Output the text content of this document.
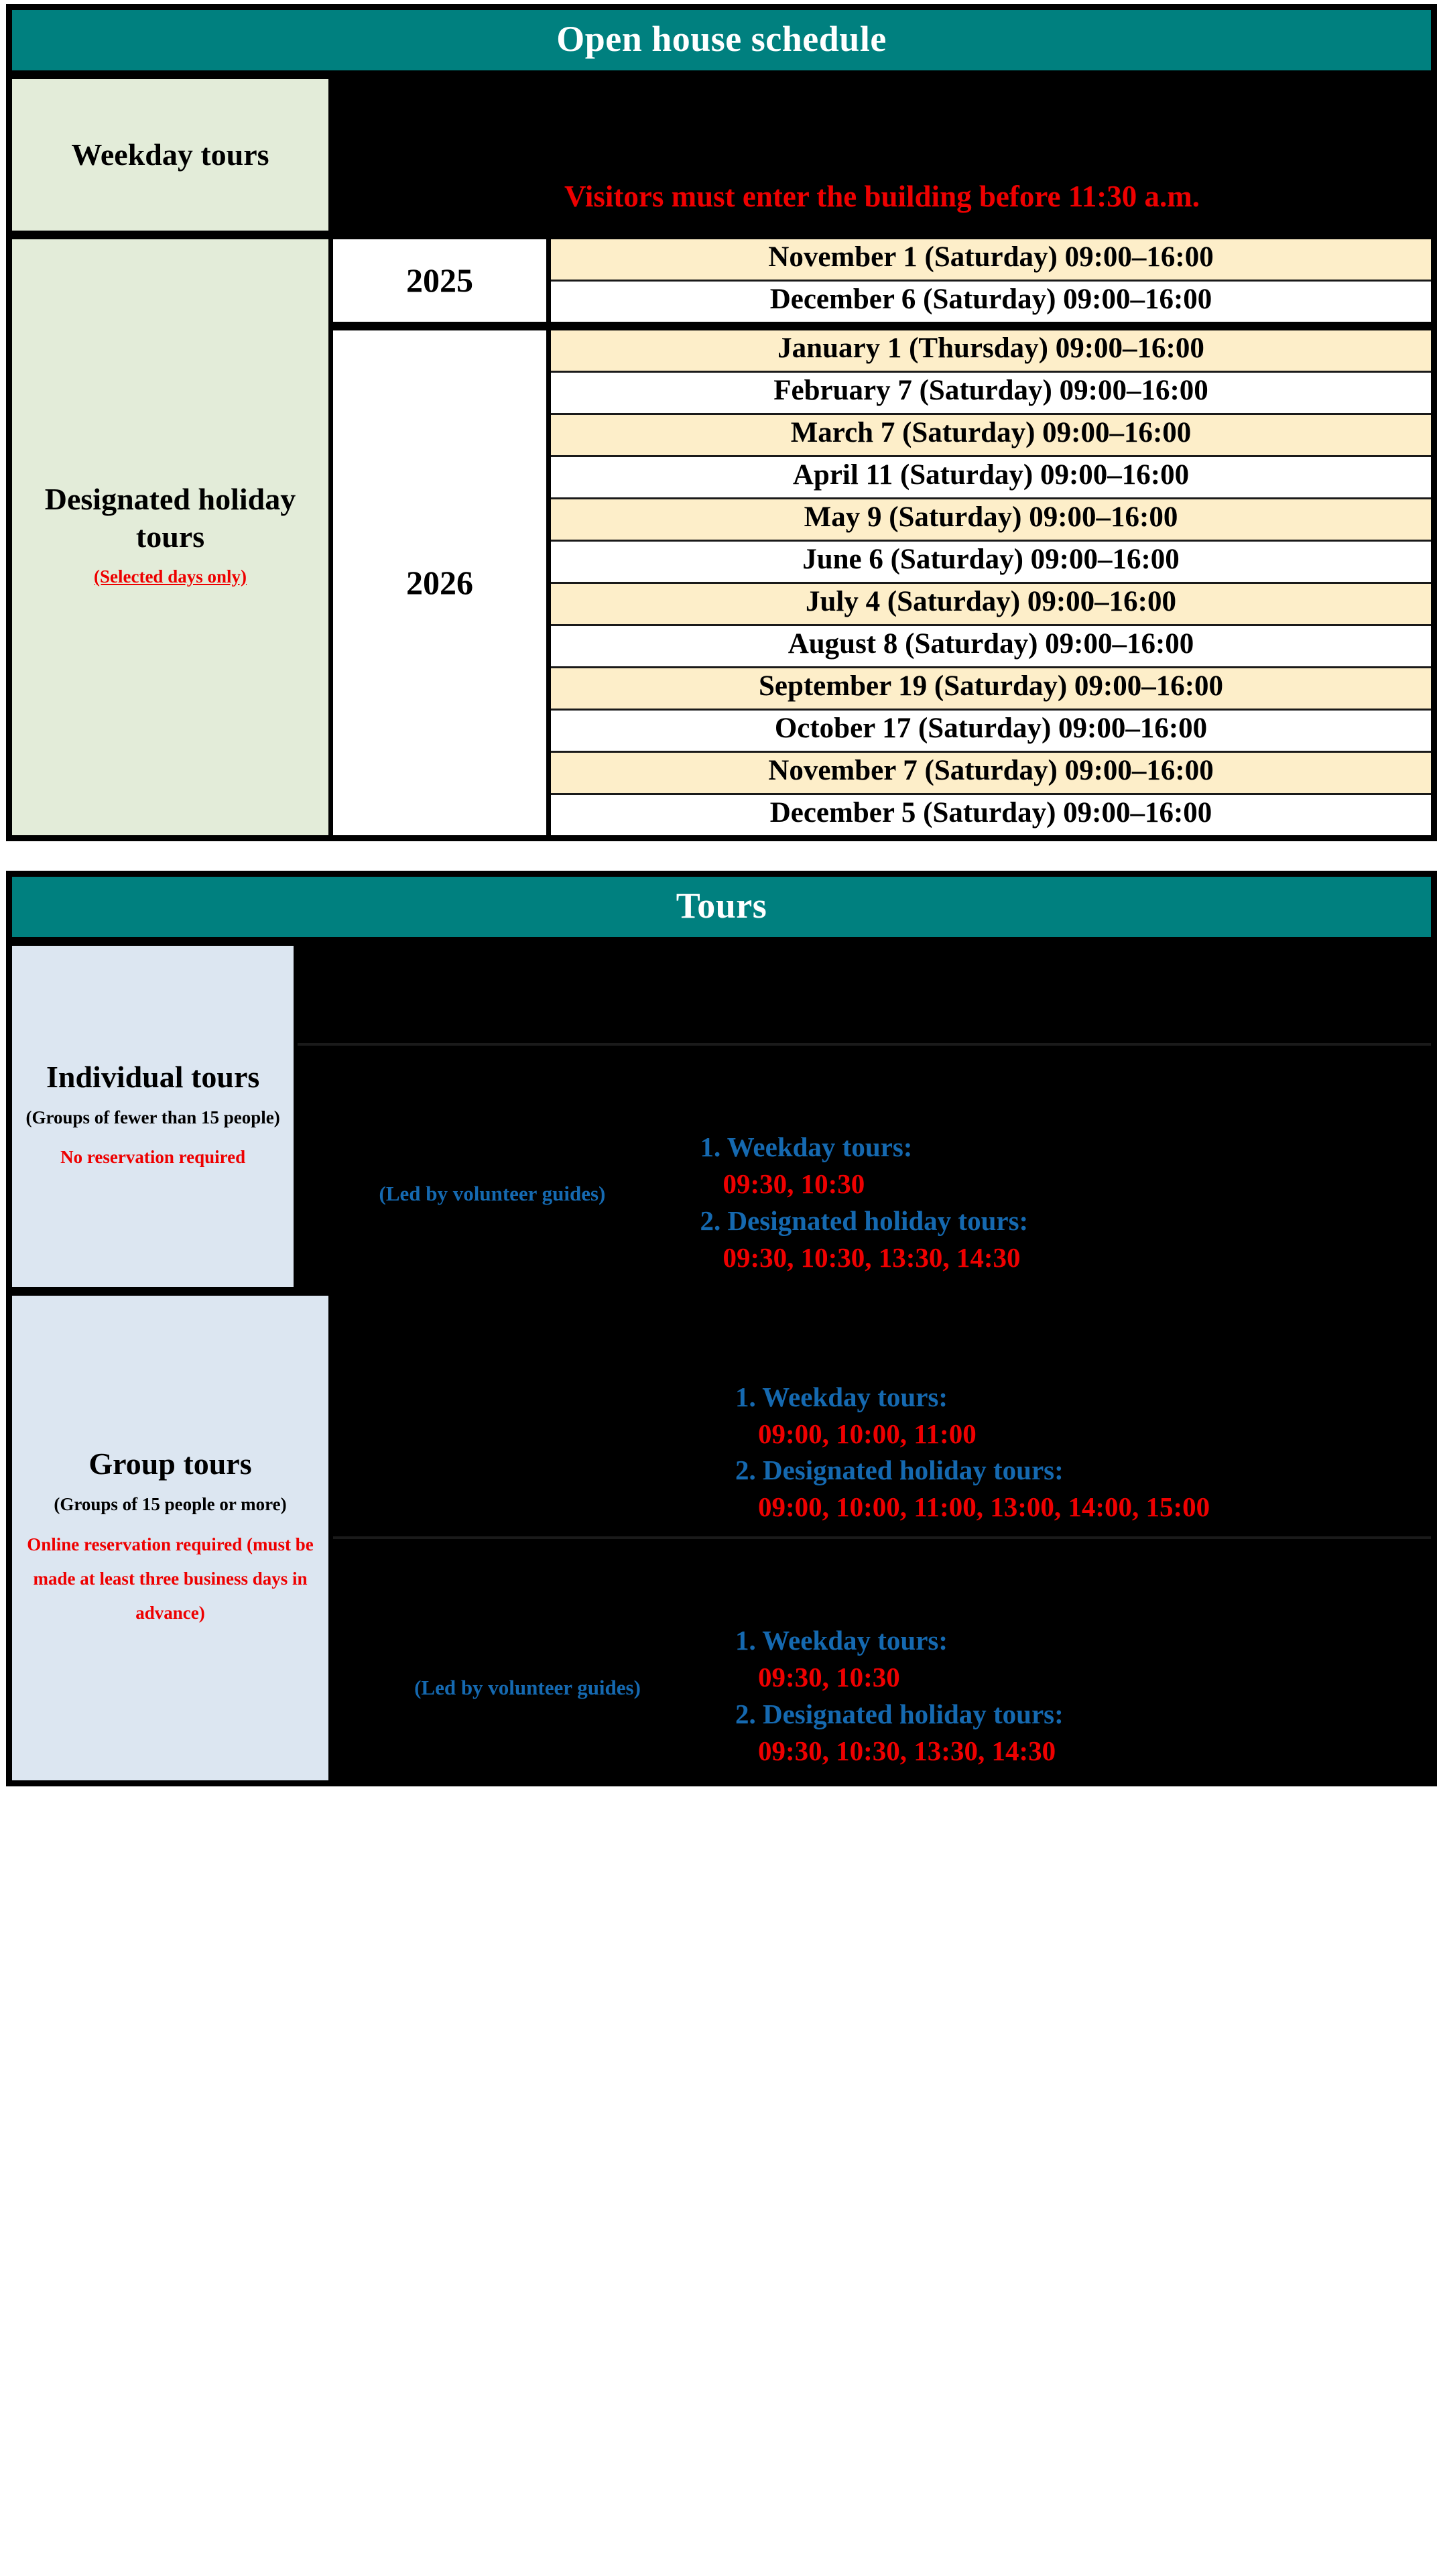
Open house schedule
Weekday tours
Monday to Friday
Visiting hours: 09:00–12:00
Visitors must enter the building before 11:30 a.m.
Designated holiday tours
(Selected days only)
2025
November 1 (Saturday) 09:00–16:00
December 6 (Saturday) 09:00–16:00
2026
January 1 (Thursday) 09:00–16:00
February 7 (Saturday) 09:00–16:00
March 7 (Saturday) 09:00–16:00
April 11 (Saturday) 09:00–16:00
May 9 (Saturday) 09:00–16:00
June 6 (Saturday) 09:00–16:00
July 4 (Saturday) 09:00–16:00
August 8 (Saturday) 09:00–16:00
September 19 (Saturday) 09:00–16:00
October 17 (Saturday) 09:00–16:00
November 7 (Saturday) 09:00–16:00
December 5 (Saturday) 09:00–16:00
Tours
Individual tours
(Groups of fewer than 15 people)
No reservation required
Self-guided individual tours
Please line up at the designated entrance for a security check before entry.
Regular guided tours
(Led by volunteer guides)
Time slots
(30 visitors max per time slot)
1. Weekday tours:
09:30, 10:30
2. Designated holiday tours:
09:30, 10:30, 13:30, 14:30
Group tours
(Groups of 15 people or more)
Online reservation required (must be made at least three business days in advance)
Self-guided group tours
Time slots
(120 visitors max per time slot)
1. Weekday tours:
09:00, 10:00, 11:00
2. Designated holiday tours:
09:00, 10:00, 11:00, 13:00, 14:00, 15:00
Guided group tours
(Led by volunteer guides)
Time slots
(90 visitors max per time slot)
1. Weekday tours:
09:30, 10:30
2. Designated holiday tours:
09:30, 10:30, 13:30, 14:30
